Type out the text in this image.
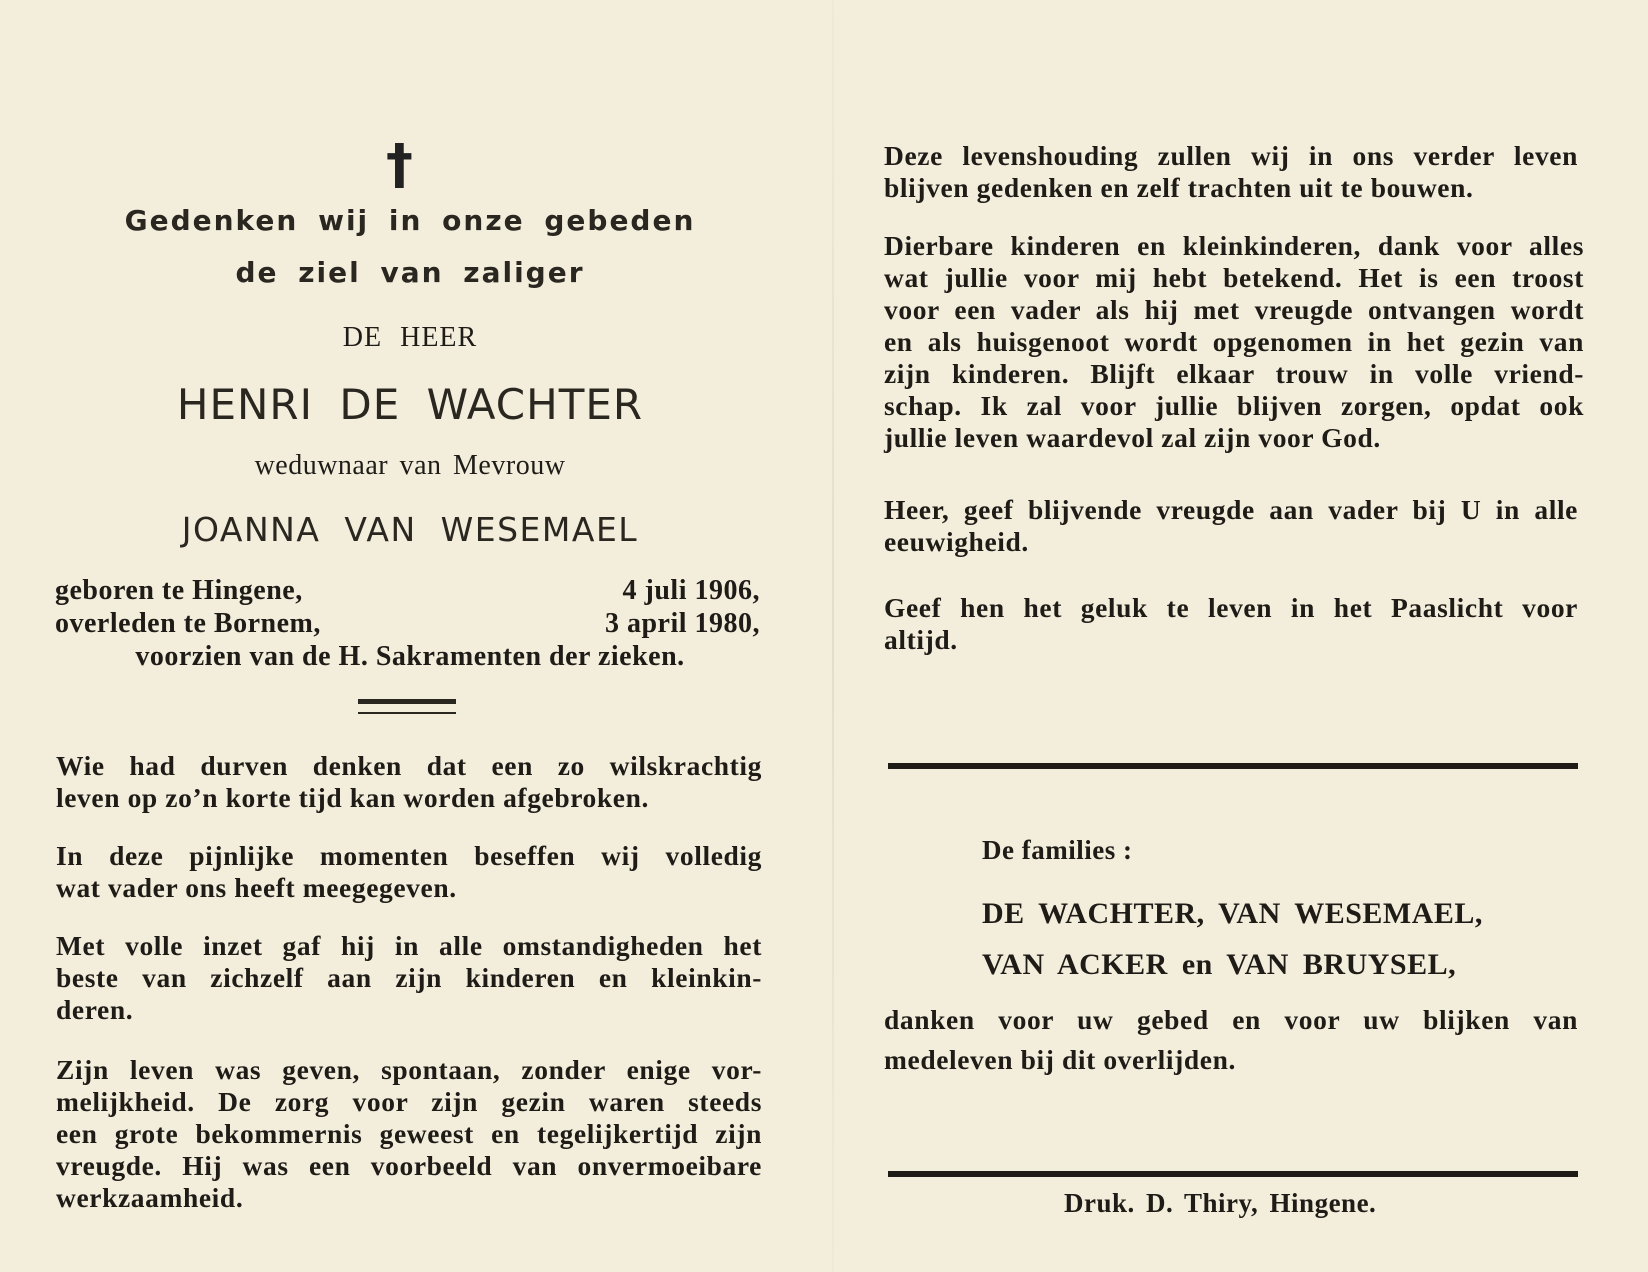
†
Gedenken wij in onze gebeden
de ziel van zaliger
DE HEER
HENRI DE WACHTER
weduwnaar van Mevrouw
JOANNA VAN WESEMAEL
geboren te Hingene,	4 juli 1906,
overleden te Bornem,	3 april 1980,
voorzien van de H. Sakramenten der zieken.
Wie had durven denken dat een zo wilskrachtig
leven op zo’n korte tijd kan worden afgebroken.
In deze pijnlijke momenten beseffen wij volledig
wat vader ons heeft meegegeven.
Met volle inzet gaf hij in alle omstandigheden het
beste van zichzelf aan zijn kinderen en kleinkin-
deren.
Zijn leven was geven, spontaan, zonder enige vor-
melijkheid. De zorg voor zijn gezin waren steeds
een grote bekommernis geweest en tegelijkertijd zijn
vreugde. Hij was een voorbeeld van onvermoeibare
werkzaamheid.
Deze levenshouding zullen wij in ons verder leven
blijven gedenken en zelf trachten uit te bouwen.
Dierbare kinderen en kleinkinderen, dank voor alles
wat jullie voor mij hebt betekend. Het is een troost
voor een vader als hij met vreugde ontvangen wordt
en als huisgenoot wordt opgenomen in het gezin van
zijn kinderen. Blijft elkaar trouw in volle vriend-
schap. Ik zal voor jullie blijven zorgen, opdat ook
jullie leven waardevol zal zijn voor God.
Heer, geef blijvende vreugde aan vader bij U in alle
eeuwigheid.
Geef hen het geluk te leven in het Paaslicht voor
altijd.
De families :
DE WACHTER, VAN WESEMAEL,
VAN ACKER en VAN BRUYSEL,
danken voor uw gebed en voor uw blijken van
medeleven bij dit overlijden.
Druk. D. Thiry, Hingene.
